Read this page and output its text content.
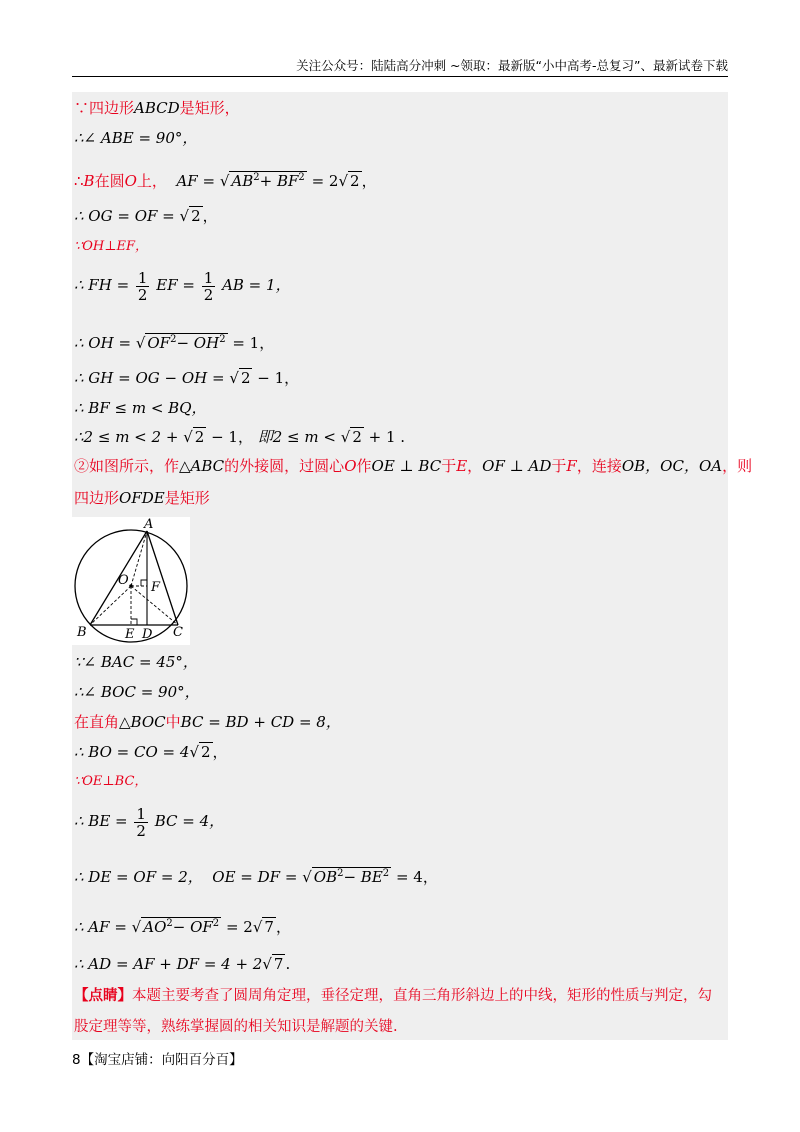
关注公众号：陆陆高分冲刺 ~领取：最新版“小中高考-总复习”、最新试卷下载
∵四边形ABCD是矩形，
∴∠ ABE = 90°，
∴B在圆O上， AF = √ $AB^2+ BF^2 = 2√$ 2 ，
∴ OG = OF = √ 2 ，
∵OH⊥EF，
∴ FH = $\frac{1}{2}$ EF = $\frac{1}{2}$ AB = 1，
∴ OH = √ $OF^2- OH^2 = 1$，
∴ GH = OG − OH = √ 2 − 1，
∴ BF ≤ m < BQ，
∴2 ≤ m < 2 + √ 2 − 1， 即2 ≤ m < √ 2 + 1 .
②如图所示，作△ABC的外接圆，过圆心O作OE ⊥ BC于E，OF ⊥ AD于F，连接OB，OC，OA，则
四边形OFDE是矩形
∵∠ BAC = 45°，
∴∠ BOC = 90°，
在直角△BOC中BC = BD + CD = 8，
∴ BO = CO = 4√ 2 ，
∵OE⊥BC，
∴ BE = $\frac{1}{2}$ BC = 4，
∴ DE = OF = 2， OE = DF = √ $OB^2- BE^2 = 4$，
∴ AF = √ $AO^2- OF^2 = 2√$ 7 ，
∴ AD = AF + DF = 4 + 2√ 7 .
【点睛】本题主要考查了圆周角定理，垂径定理，直角三角形斜边上的中线，矩形的性质与判定，勾股定理等等，熟练掌握圆的相关知识是解题的关键.
A
O F
B	E D C
8【淘宝店铺：向阳百分百】
